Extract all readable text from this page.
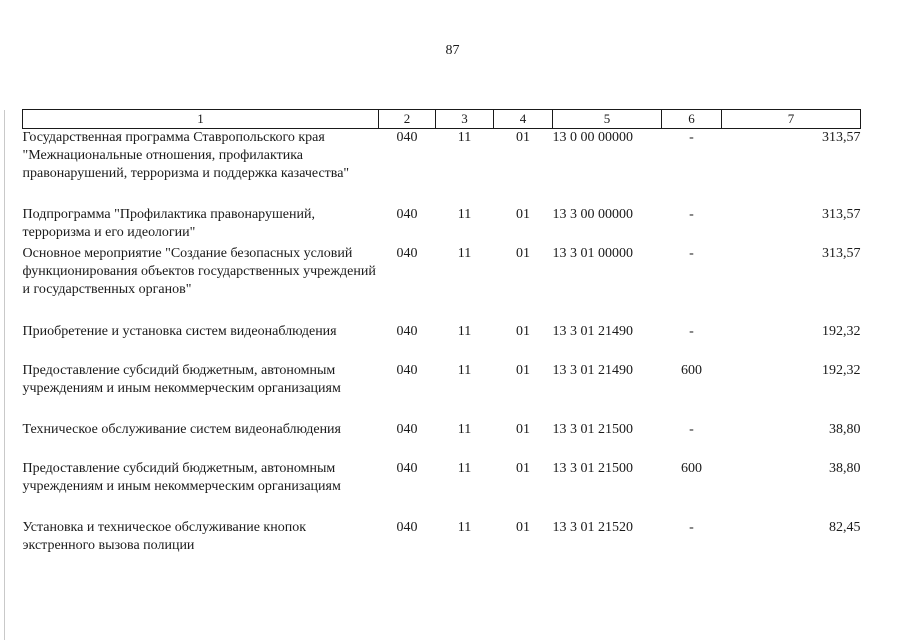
87
1	2	3	4	5	6	7
Государственная программа Ставропольского края "Межнациональные отношения, профилактика правонарушений, терроризма и поддержка казачества"	040	11	01	13 0 00 00000	-	313,57
Подпрограмма "Профилактика правонарушений, терроризма и его идеологии"	040	11	01	13 3 00 00000	-	313,57
Основное мероприятие "Создание безопасных условий функционирования объектов государственных учреждений и государственных органов"	040	11	01	13 3 01 00000	-	313,57
Приобретение и установка систем видеонаблюдения	040	11	01	13 3 01 21490	-	192,32
Предоставление субсидий бюджетным, автономным учреждениям и иным некоммерческим организациям	040	11	01	13 3 01 21490	600	192,32
Техническое обслуживание систем видеонаблюдения	040	11	01	13 3 01 21500	-	38,80
Предоставление субсидий бюджетным, автономным учреждениям и иным некоммерческим организациям	040	11	01	13 3 01 21500	600	38,80
Установка и техническое обслуживание кнопок экстренного вызова полиции	040	11	01	13 3 01 21520	-	82,45
